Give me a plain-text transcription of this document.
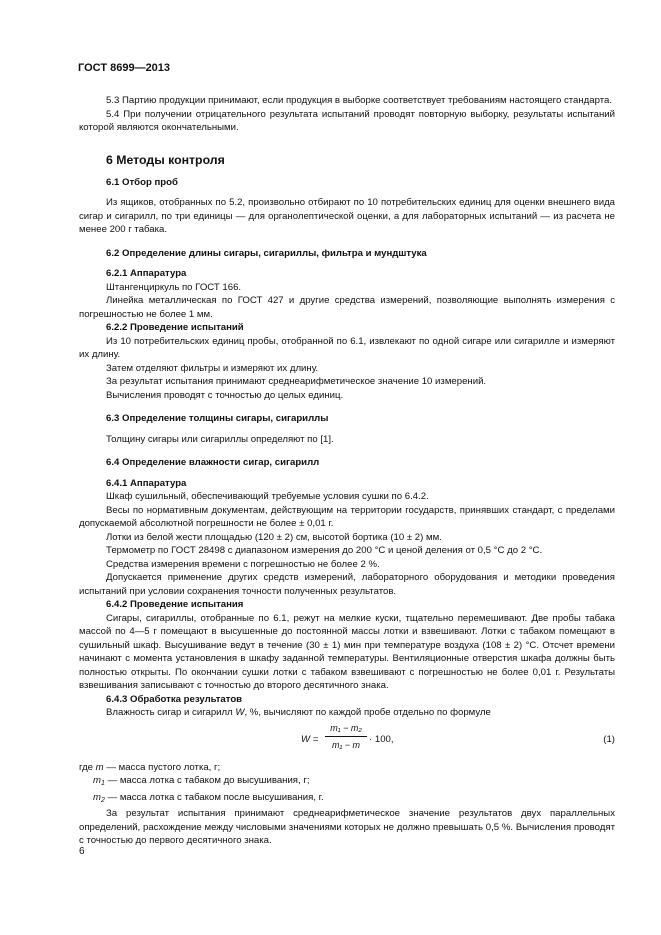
ГОСТ 8699—2013

5.3 Партию продукции принимают, если продукция в выборке соответствует требованиям настоящего стандарта.

5.4 При получении отрицательного результата испытаний проводят повторную выборку, результаты испытаний которой являются окончательными.

6 Методы контроля

6.1 Отбор проб

Из ящиков, отобранных по 5.2, произвольно отбирают по 10 потребительских единиц для оценки внешнего вида сигар и сигарилл, по три единицы — для органолептической оценки, а для лабораторных испытаний — из расчета не менее 200 г табака.

6.2 Определение длины сигары, сигариллы, фильтра и мундштука

6.2.1 Аппаратура

Штангенциркуль по ГОСТ 166.

Линейка металлическая по ГОСТ 427 и другие средства измерений, позволяющие выполнять измерения с погрешностью не более 1 мм.

6.2.2 Проведение испытаний

Из 10 потребительских единиц пробы, отобранной по 6.1, извлекают по одной сигаре или сигарилле и измеряют их длину.

Затем отделяют фильтры и измеряют их длину.

За результат испытания принимают среднеарифметическое значение 10 измерений.

Вычисления проводят с точностью до целых единиц.

6.3 Определение толщины сигары, сигариллы

Толщину сигары или сигариллы определяют по [1].

6.4 Определение влажности сигар, сигарилл

6.4.1 Аппаратура

Шкаф сушильный, обеспечивающий требуемые условия сушки по 6.4.2.

Весы по нормативным документам, действующим на территории государств, принявших стандарт, с пределами допускаемой абсолютной погрешности не более ± 0,01 г.

Лотки из белой жести площадью (120 ± 2) см, высотой бортика (10 ± 2) мм.

Термометр по ГОСТ 28498 с диапазоном измерения до 200 °С и ценой деления от 0,5 °С до 2 °С.

Средства измерения времени с погрешностью не более 2 %.

Допускается применение других средств измерений, лабораторного оборудования и методики проведения испытаний при условии сохранения точности полученных результатов.

6.4.2 Проведение испытания

Сигары, сигариллы, отобранные по 6.1, режут на мелкие куски, тщательно перемешивают. Две пробы табака массой по 4—5 г помещают в высушенные до постоянной массы лотки и взвешивают. Лотки с табаком помещают в сушильный шкаф. Высушивание ведут в течение (30 ± 1) мин при температуре воздуха (108 ± 2) °С. Отсчет времени начинают с момента установления в шкафу заданной температуры. Вентиляционные отверстия шкафа должны быть полностью открыты. По окончании сушки лотки с табаком взвешивают с погрешностью не более 0,01 г. Результаты взвешивания записывают с точностью до второго десятичного знака.

6.4.3 Обработка результатов

Влажность сигар и сигарилл W, %, вычисляют по каждой пробе отдельно по формуле

$W = \frac{\text{m₁ − m₂}}{\text{m₁ − m}} \cdot 100$,	(1)

где m — масса пустого лотка, г;

$m_1$ — масса лотка с табаком до высушивания, г;

$m_2$ — масса лотка с табаком после высушивания, г.

За результат испытания принимают среднеарифметическое значение результатов двух параллельных определений, расхождение между числовыми значениями которых не должно превышать 0,5 %. Вычисления проводят с точностью до первого десятичного знака.

6
